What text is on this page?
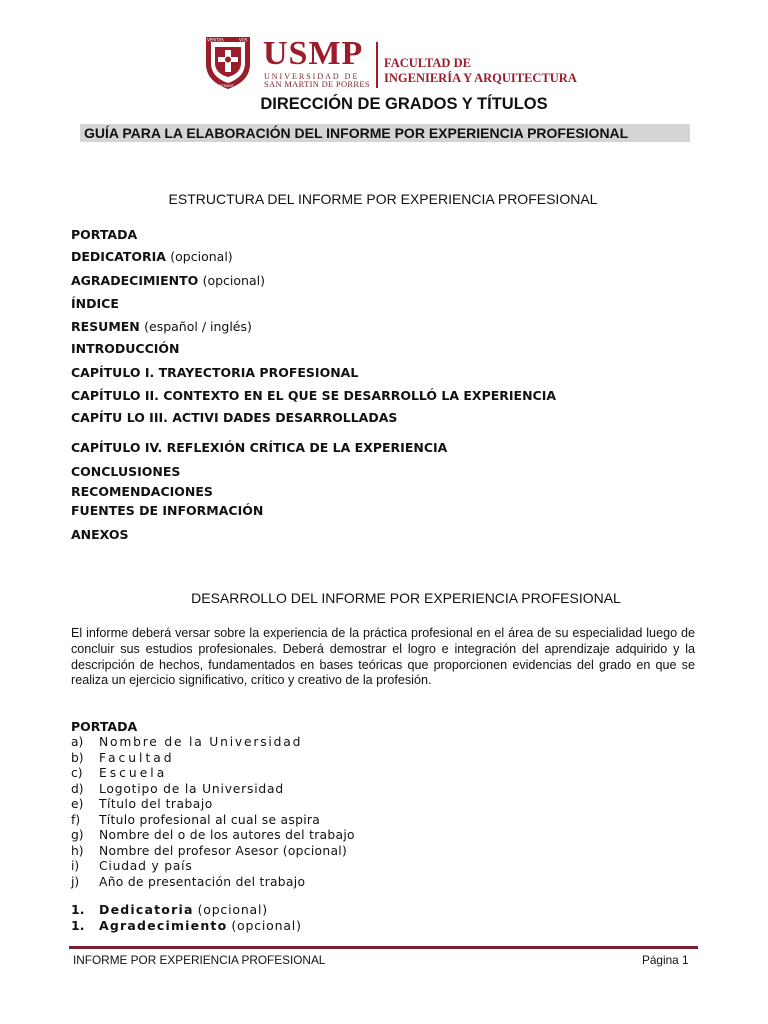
VERITAS	VOS
LIBERABIT
USMP
UNIVERSIDAD DE
SAN MARTIN DE PORRES
FACULTAD DE
INGENIERÍA Y ARQUITECTURA
DIRECCIÓN DE GRADOS Y TÍTULOS
GUÍA PARA LA ELABORACIÓN DEL INFORME POR EXPERIENCIA PROFESIONAL
ESTRUCTURA DEL INFORME POR EXPERIENCIA PROFESIONAL
PORTADA
DEDICATORIA (opcional)
AGRADECIMIENTO (opcional)
ÍNDICE
RESUMEN (español / inglés)
INTRODUCCIÓN
CAPÍTULO I. TRAYECTORIA PROFESIONAL
CAPÍTULO II. CONTEXTO EN EL QUE SE DESARROLLÓ LA EXPERIENCIA
CAPÍTU LO III. ACTIVI DADES DESARROLLADAS
CAPÍTULO IV. REFLEXIÓN CRÍTICA DE LA EXPERIENCIA
CONCLUSIONES
RECOMENDACIONES
FUENTES DE INFORMACIÓN
ANEXOS
DESARROLLO DEL INFORME POR EXPERIENCIA PROFESIONAL
El informe deberá versar sobre la experiencia de la práctica profesional en el área de su especialidad luego de concluir sus estudios profesionales. Deberá demostrar el logro e integración del aprendizaje adquirido y la descripción de hechos, fundamentados en bases teóricas que proporcionen evidencias del grado en que se realiza un ejercicio significativo, crítico y creativo de la profesión.
PORTADA
a)	Nombre de la Universidad
b)	Facultad
c)	Escuela
d)	Logotipo de la Universidad
e)	Título del trabajo
f)	Título profesional al cual se aspira
g)	Nombre del o de los autores del trabajo
h)	Nombre del profesor Asesor (opcional)
i)	Ciudad y país
j)	Año de presentación del trabajo
1.	Dedicatoria
(opcional)
1.	Agradecimiento
(opcional)
INFORME POR EXPERIENCIA PROFESIONAL	Página 1
